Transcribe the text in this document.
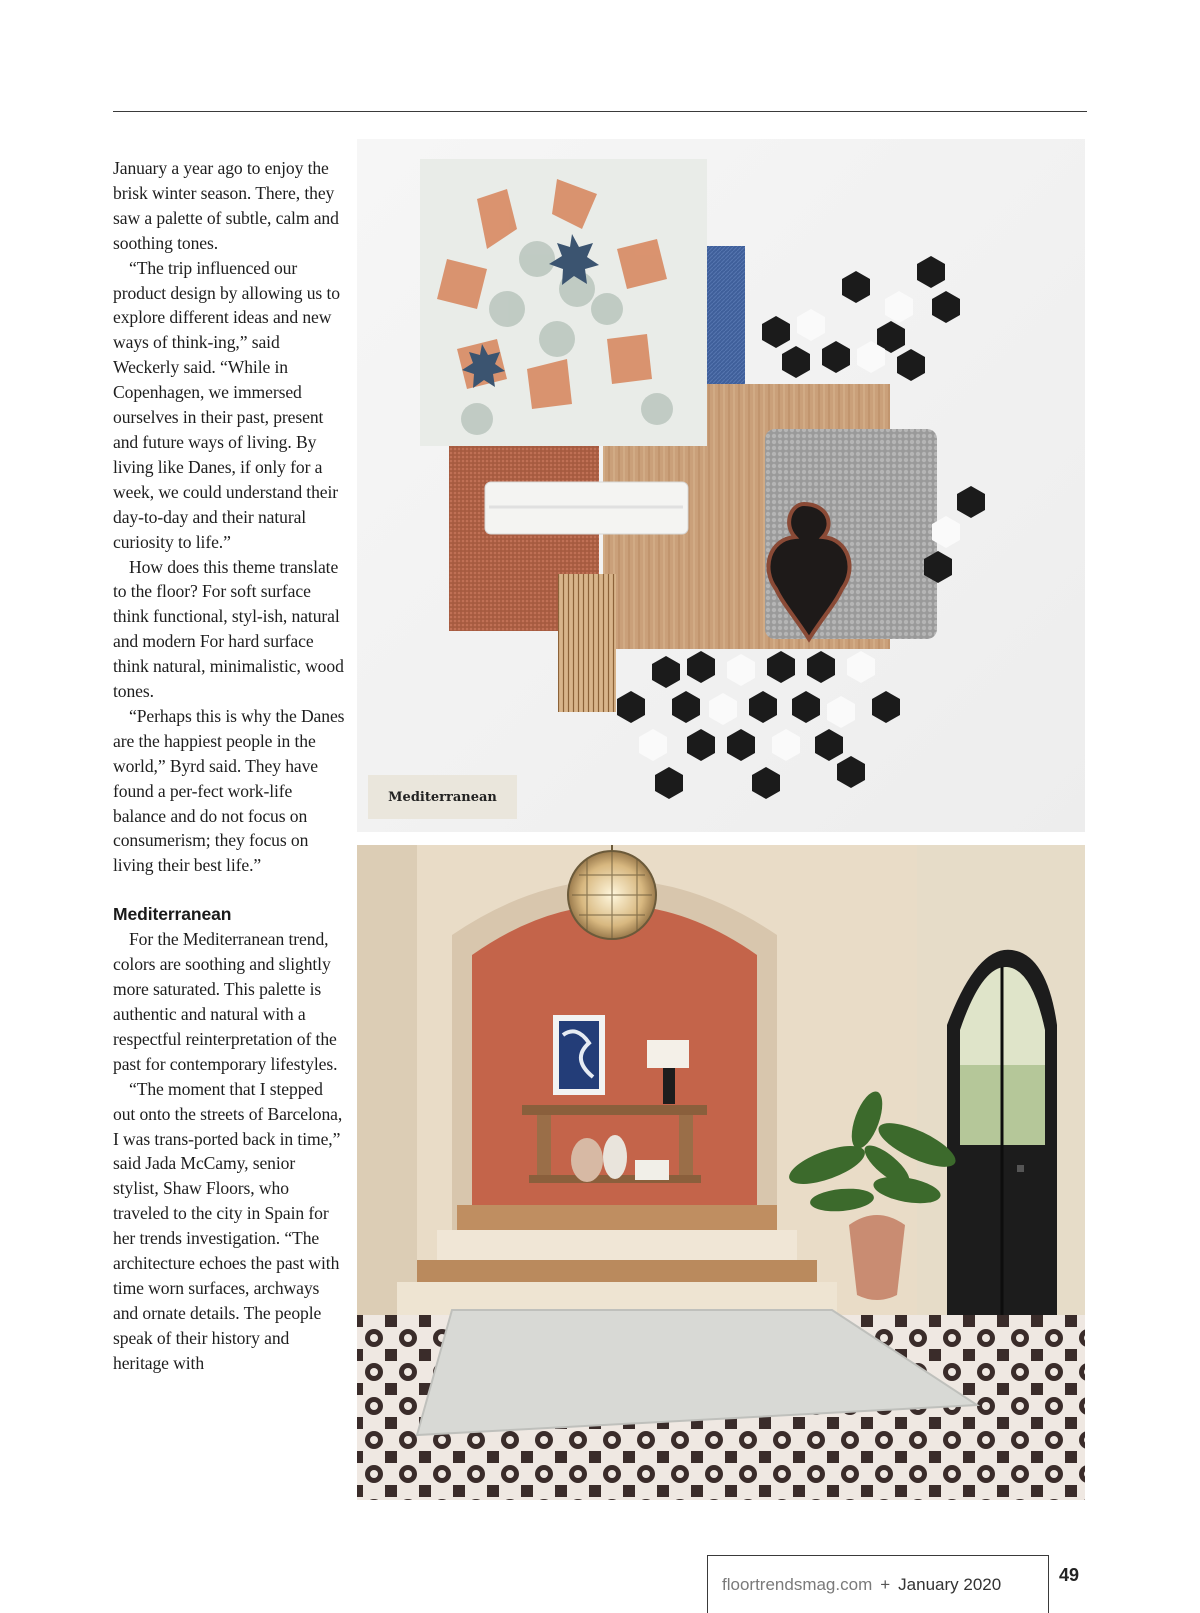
January a year ago to enjoy the brisk winter season. There, they saw a palette of subtle, calm and soothing tones.

“The trip influenced our product design by allowing us to explore different ideas and new ways of think-ing,” said Weckerly said. “While in Copenhagen, we immersed ourselves in their past, present and future ways of living. By living like Danes, if only for a week, we could understand their day-to-day and their natural curiosity to life.”

How does this theme translate to the floor? For soft surface think functional, styl-ish, natural and modern For hard surface think natural, minimalistic, wood tones.

“Perhaps this is why the Danes are the happiest people in the world,” Byrd said. They have found a per-fect work-life balance and do not focus on consumerism; they focus on living their best life.”

Mediterranean

For the Mediterranean trend, colors are soothing and slightly more saturated. This palette is authentic and natural with a respectful reinterpretation of the past for contemporary lifestyles.

“The moment that I stepped out onto the streets of Barcelona, I was trans-ported back in time,” said Jada McCamy, senior stylist, Shaw Floors, who traveled to the city in Spain for her trends investigation. “The architecture echoes the past with time worn surfaces, archways and ornate details. The people speak of their history and heritage with

Mediterranean
floortrendsmag.com + January 2020	49
